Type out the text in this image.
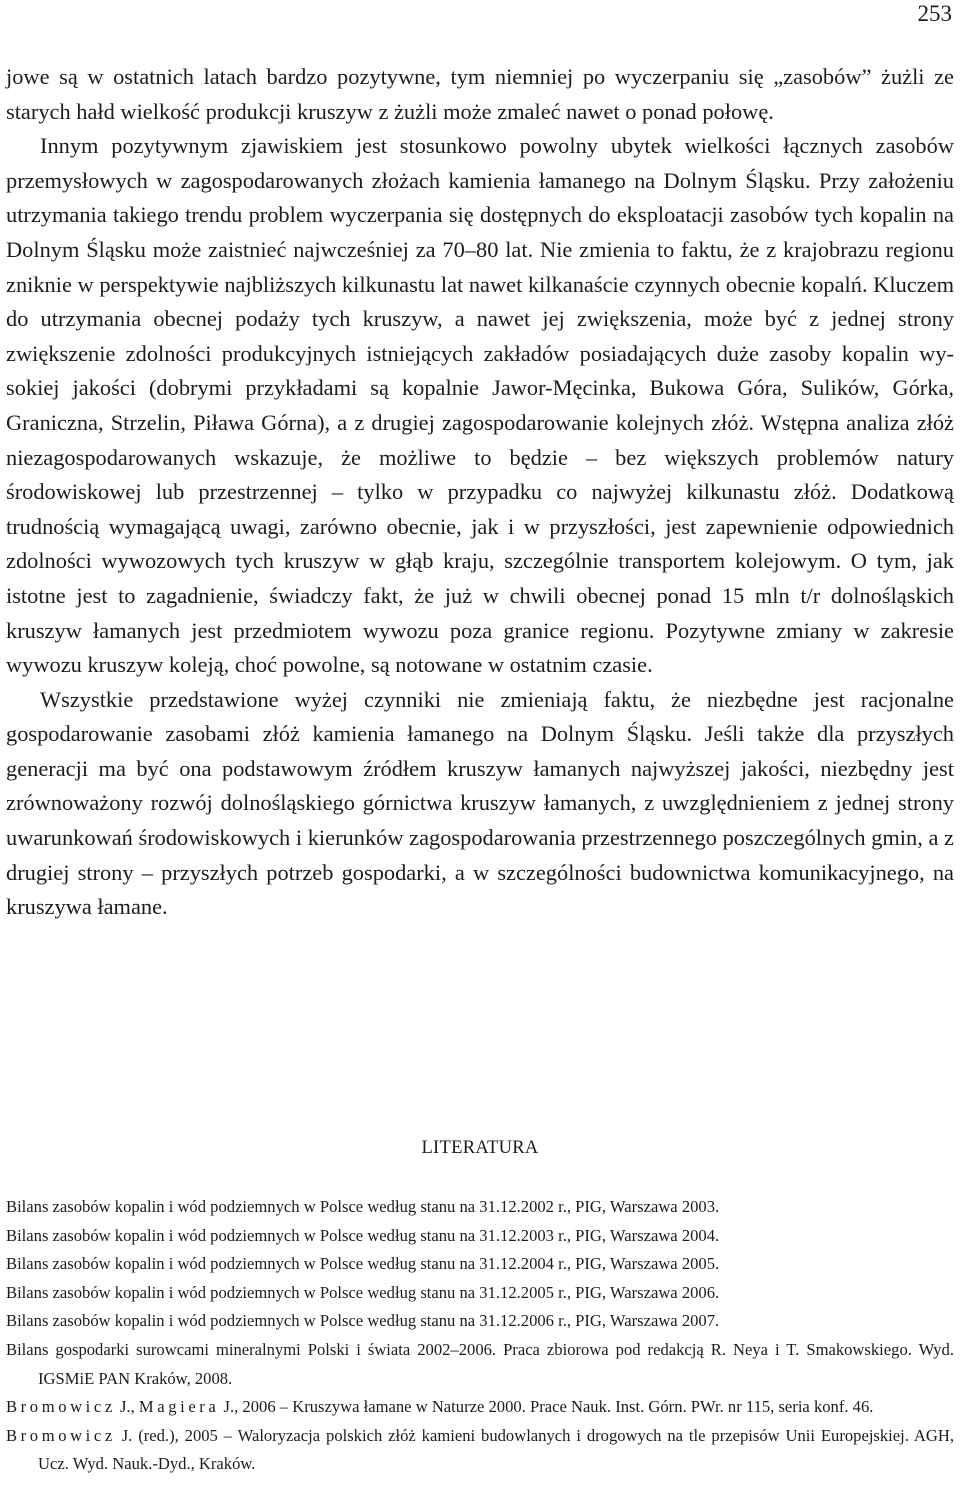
253

jowe są w ostatnich latach bardzo pozytywne, tym niemniej po wyczerpaniu się „zasobów” żużli ze starych hałd wielkość produkcji kruszyw z żużli może zmaleć nawet o ponad połowę.

Innym pozytywnym zjawiskiem jest stosunkowo powolny ubytek wielkości łącznych zasobów przemysłowych w zagospodarowanych złożach kamienia łamanego na Dolnym Śląsku. Przy założeniu utrzymania takiego trendu problem wyczerpania się dostępnych do eksploatacji zasobów tych kopalin na Dolnym Śląsku może zaistnieć najwcześniej za 70–80 lat. Nie zmienia to faktu, że z krajobrazu regionu zniknie w perspektywie najbliższych kilkunastu lat nawet kilkanaście czynnych obecnie kopalń. Kluczem do utrzymania obecnej podaży tych kruszyw, a nawet jej zwiększenia, może być z jednej strony zwiększenie zdolności produkcyjnych istniejących zakładów posiadających duże zasoby kopalin wysokiej jakości (dobrymi przykładami są kopalnie Jawor-Męcinka, Bukowa Góra, Sulików, Górka, Graniczna, Strzelin, Piława Górna), a z drugiej zagospodarowanie kolejnych złóż. Wstępna analiza złóż niezagospodarowanych wskazuje, że możliwe to będzie – bez większych problemów natury środowiskowej lub przestrzennej – tylko w przypadku co najwyżej kilkunastu złóż. Dodatkową trudnością wymagającą uwagi, zarówno obecnie, jak i w przyszłości, jest zapewnienie odpowiednich zdolności wywozowych tych kruszyw w głąb kraju, szczególnie transportem kolejowym. O tym, jak istotne jest to zagadnienie, świadczy fakt, że już w chwili obecnej ponad 15 mln t/r dolnośląskich kruszyw łamanych jest przedmiotem wywozu poza granice regionu. Pozytywne zmiany w zakresie wywozu kruszyw koleją, choć powolne, są notowane w ostatnim czasie.

Wszystkie przedstawione wyżej czynniki nie zmieniają faktu, że niezbędne jest racjonalne gospodarowanie zasobami złóż kamienia łamanego na Dolnym Śląsku. Jeśli także dla przyszłych generacji ma być ona podstawowym źródłem kruszyw łamanych najwyższej jakości, niezbędny jest zrównoważony rozwój dolnośląskiego górnictwa kruszyw łamanych, z uwzględnieniem z jednej strony uwarunkowań środowiskowych i kierunków zagospodarowania przestrzennego poszczególnych gmin, a z drugiej strony – przyszłych potrzeb gospodarki, a w szczególności budownictwa komunikacyjnego, na kruszywa łamane.

LITERATURA

Bilans zasobów kopalin i wód podziemnych w Polsce według stanu na 31.12.2002 r., PIG, Warszawa 2003.

Bilans zasobów kopalin i wód podziemnych w Polsce według stanu na 31.12.2003 r., PIG, Warszawa 2004.

Bilans zasobów kopalin i wód podziemnych w Polsce według stanu na 31.12.2004 r., PIG, Warszawa 2005.

Bilans zasobów kopalin i wód podziemnych w Polsce według stanu na 31.12.2005 r., PIG, Warszawa 2006.

Bilans zasobów kopalin i wód podziemnych w Polsce według stanu na 31.12.2006 r., PIG, Warszawa 2007.

Bilans gospodarki surowcami mineralnymi Polski i świata 2002–2006. Praca zbiorowa pod redakcją R. Neya i T. Smakowskiego. Wyd. IGSMiE PAN Kraków, 2008.

Bromowicz J., Magiera J., 2006 – Kruszywa łamane w Naturze 2000. Prace Nauk. Inst. Górn. PWr. nr 115, seria konf. 46.

Bromowicz J. (red.), 2005 – Waloryzacja polskich złóż kamieni budowlanych i drogowych na tle przepisów Unii Europejskiej. AGH, Ucz. Wyd. Nauk.-Dyd., Kraków.
